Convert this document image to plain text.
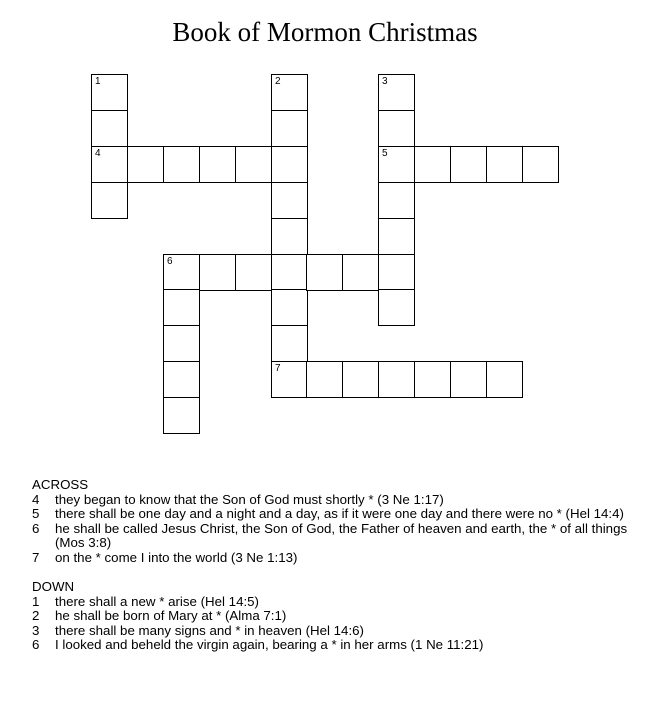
Book of Mormon Christmas
1
4
2
7
3
5
6
ACROSS
4	they began to know that the Son of God must shortly * (3 Ne 1:17)
5	there shall be one day and a night and a day, as if it were one day and there were no * (Hel 14:4)
6	he shall be called Jesus Christ, the Son of God, the Father of heaven and earth, the * of all things (Mos 3:8)
7	on the * come I into the world (3 Ne 1:13)
DOWN
1	there shall a new * arise (Hel 14:5)
2	he shall be born of Mary at * (Alma 7:1)
3	there shall be many signs and * in heaven (Hel 14:6)
6	I looked and beheld the virgin again, bearing a * in her arms (1 Ne 11:21)
